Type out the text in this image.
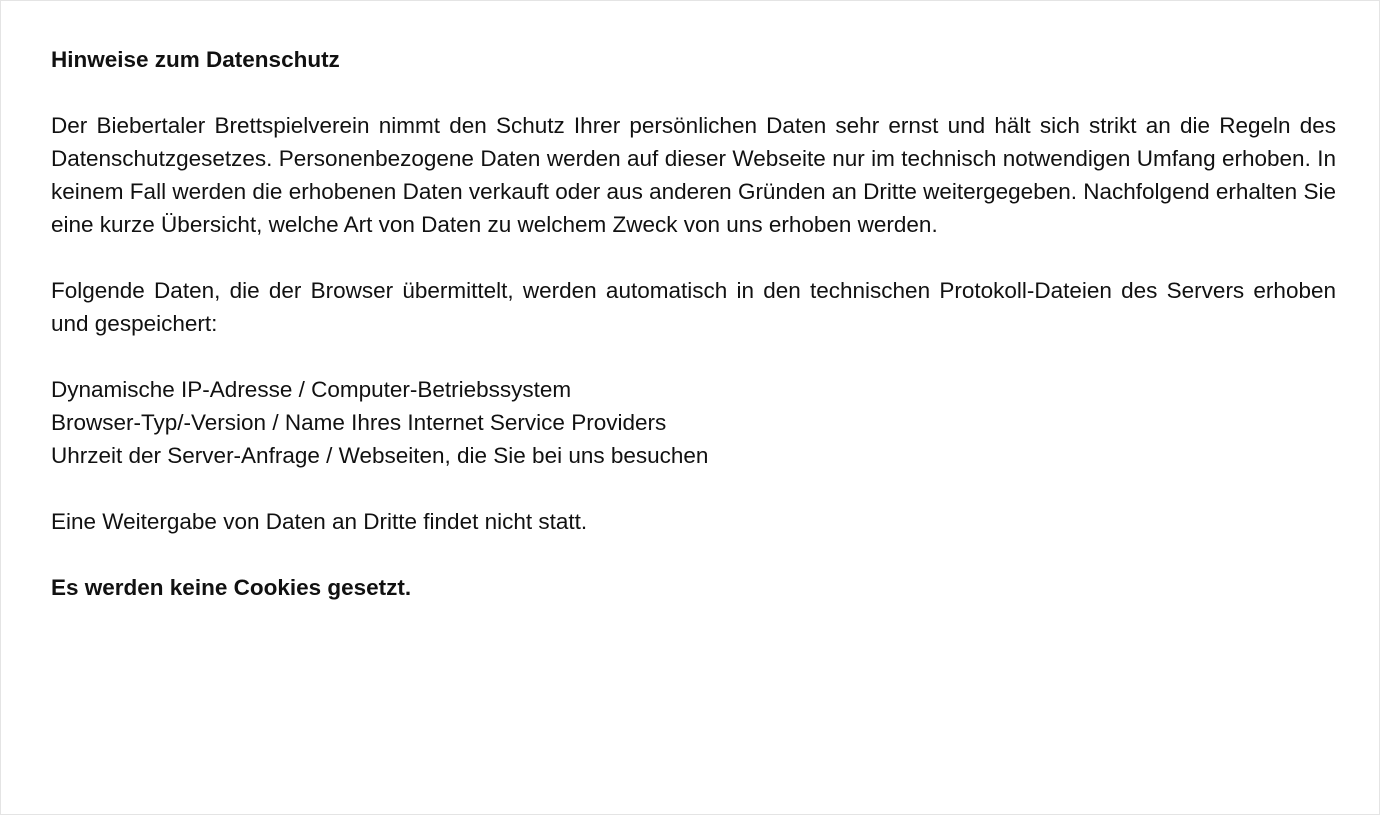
Hinweise zum Datenschutz

Der Biebertaler Brettspielverein nimmt den Schutz Ihrer persönlichen Daten sehr ernst und hält sich strikt an die Regeln des Datenschutzgesetzes. Personenbezogene Daten werden auf dieser Webseite nur im technisch notwendigen Umfang erhoben. In keinem Fall werden die erhobenen Daten verkauft oder aus anderen Gründen an Dritte weitergegeben. Nachfolgend erhalten Sie eine kurze Übersicht, welche Art von Daten zu welchem Zweck von uns erhoben werden.

Folgende Daten, die der Browser übermittelt, werden automatisch in den technischen Protokoll-Dateien des Servers erhoben und gespeichert:

Dynamische IP-Adresse / Computer-Betriebssystem
Browser-Typ/-Version / Name Ihres Internet Service Providers
Uhrzeit der Server-Anfrage / Webseiten, die Sie bei uns besuchen

Eine Weitergabe von Daten an Dritte findet nicht statt.

Es werden keine Cookies gesetzt.
